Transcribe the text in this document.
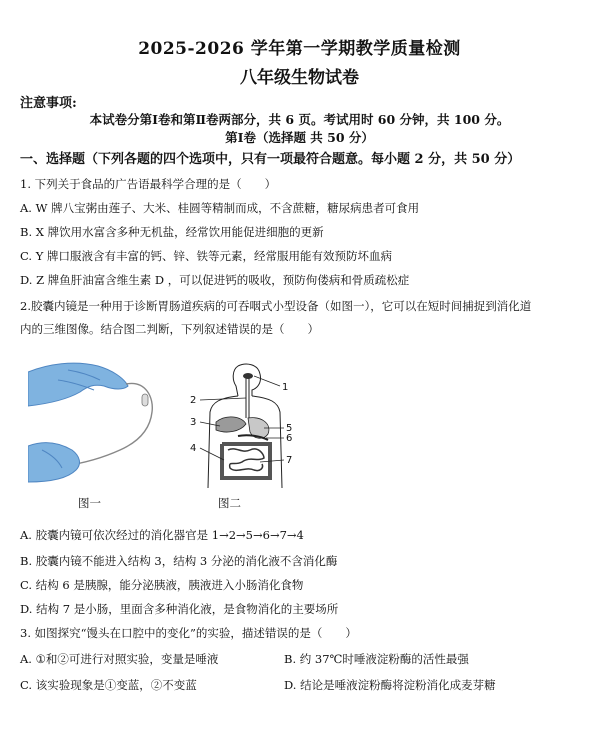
2025-2026 学年第一学期教学质量检测
八年级生物试卷
注意事项:
本试卷分第Ⅰ卷和第Ⅱ卷两部分，共 6 页。考试用时 60 分钟，共 100 分。
第Ⅰ卷（选择题 共 50 分）
一、选择题（下列各题的四个选项中，只有一项最符合题意。每小题 2 分，共 50 分）
1. 下列关于食品的广告语最科学合理的是（　　）
A. W 牌八宝粥由莲子、大米、桂圆等精制而成，不含蔗糖，糖尿病患者可食用
B. X 牌饮用水富含多种无机盐，经常饮用能促进细胞的更新
C. Y 牌口服液含有丰富的钙、锌、铁等元素，经常服用能有效预防坏血病
D. Z 牌鱼肝油富含维生素 D ，可以促进钙的吸收，预防佝偻病和骨质疏松症
2.胶囊内镜是一种用于诊断胃肠道疾病的可吞咽式小型设备（如图一），它可以在短时间捕捉到消化道
内的三维图像。结合图二判断，下列叙述错误的是（　　）
图一
1
2
3
4
5
6
7
图二
A. 胶囊内镜可依次经过的消化器官是 1→2→5→6→7→4
B. 胶囊内镜不能进入结构 3，结构 3 分泌的消化液不含消化酶
C. 结构 6 是胰腺，能分泌胰液，胰液进入小肠消化食物
D. 结构 7 是小肠，里面含多种消化液，是食物消化的主要场所
3. 如图探究“馒头在口腔中的变化”的实验，描述错误的是（　　）
A. ①和②可进行对照实验，变量是唾液	B. 约 37℃时唾液淀粉酶的活性最强
C. 该实验现象是①变蓝，②不变蓝	D. 结论是唾液淀粉酶将淀粉消化成麦芽糖
